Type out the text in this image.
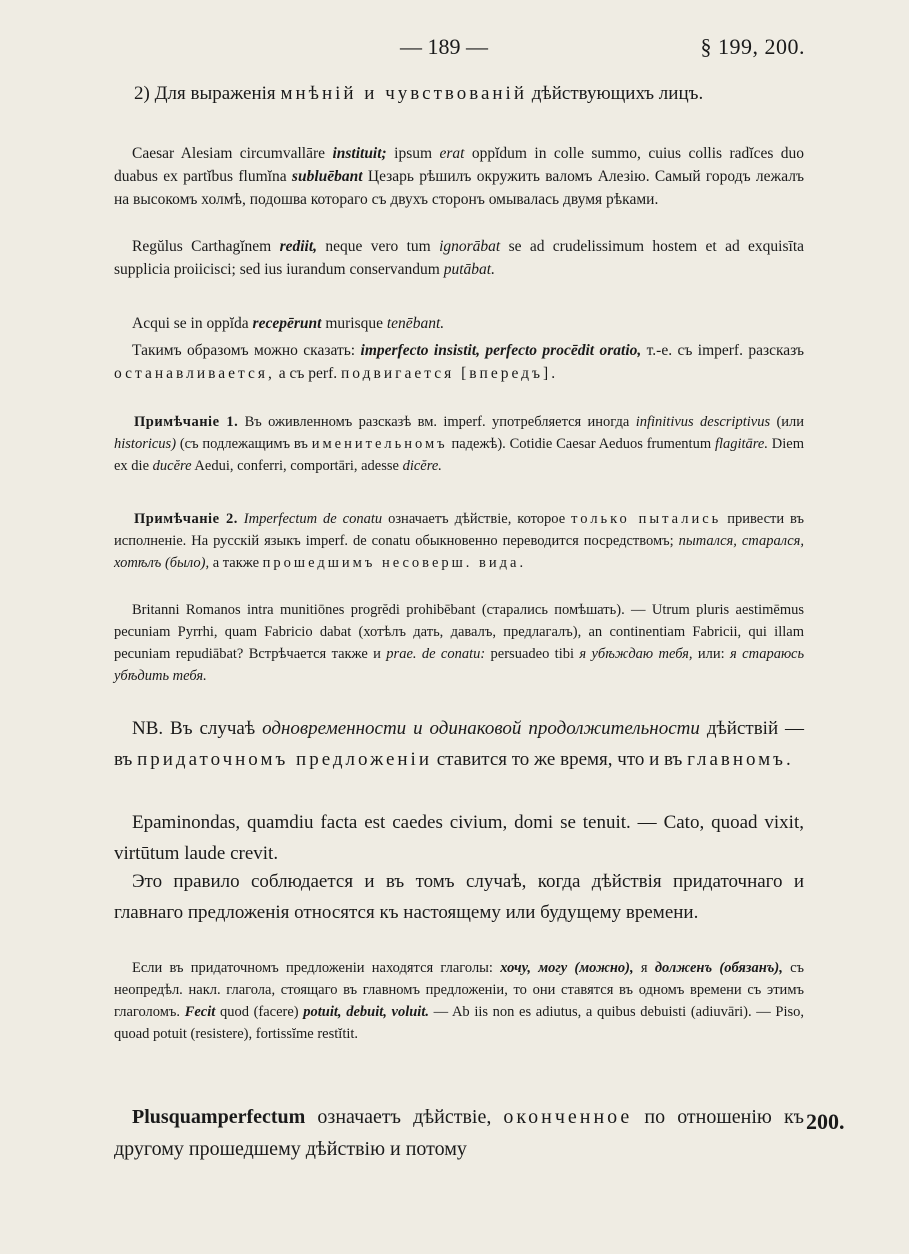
— 189 —	§ 199, 200.
2) Для выраженія мнѣній и чувствованій дѣйствующихъ лицъ.
Caesar Alesiam circumvallāre instituit; ipsum erat oppĭdum in colle summo, cuius collis radĭces duo duabus ex partĭbus flumĭna subluēbant Цезарь рѣшилъ окружить валомъ Алезію. Самый городъ лежалъ на высокомъ холмѣ, подошва котораго съ двухъ сторонъ омывалась двумя рѣками.
Regŭlus Carthagĭnem rediit, neque vero tum ignorābat se ad crudelissimum hostem et ad exquisīta supplicia proiicisci; sed ius iurandum conservandum putābat.
Acqui se in oppĭda recepērunt murisque tenēbant.
Такимъ образомъ можно сказать: imperfecto insistit, perfecto procēdit oratio, т.-е. съ imperf. разсказъ останавливается, а съ perf. подвигается [впередъ].
Примѣчаніе 1. Въ оживленномъ разсказѣ вм. imperf. употребляется иногда infinitivus descriptivus (или historicus) (съ подлежащимъ въ именительномъ падежѣ). Cotidie Caesar Aeduos frumentum flagitāre. Diem ex die ducĕre Aedui, conferri, comportāri, adesse dicĕre.
Примѣчаніе 2. Imperfectum de conatu означаетъ дѣйствіе, которое только пытались привести въ исполненіе. На русскій языкъ imperf. de conatu обыкновенно переводится посредствомъ; пытался, старался, хотѣлъ (было), а также прошедшимъ несоверш. вида.
Britanni Romanos intra munitiōnes progrĕdi prohibēbant (старались помѣшать). — Utrum pluris aestimēmus pecuniam Pyrrhi, quam Fabricio dabat (хотѣлъ дать, давалъ, предлагалъ), an continentiam Fabricii, qui illam pecuniam repudiābat? Встрѣчается также и prae. de conatu: persuadeo tibi я убѣждаю тебя, или: я стараюсь убѣдить тебя.
NB. Въ случаѣ одновременности и одинаковой продолжительности дѣйствій — въ придаточномъ предложеніи ставится то же время, что и въ главномъ.
Epaminondas, quamdiu facta est caedes civium, domi se tenuit. — Cato, quoad vixit, virtūtum laude crevit.
Это правило соблюдается и въ томъ случаѣ, когда дѣйствія придаточнаго и главнаго предложенія относятся къ настоящему или будущему времени.
Если въ придаточномъ предложеніи находятся глаголы: хочу, могу (можно), я долженъ (обязанъ), съ неопредѣл. накл. глагола, стоящаго въ главномъ предложеніи, то они ставятся въ одномъ времени съ этимъ глаголомъ. Fecit quod (facere) potuit, debuit, voluit. — Ab iis non es adiutus, a quibus debuisti (adiuvāri). — Piso, quoad potuit (resistere), fortissĭme restĭtit.
Plusquamperfectum означаетъ дѣйствіе, оконченное по отношенію къ другому прошедшему дѣйствію и потому
200.
